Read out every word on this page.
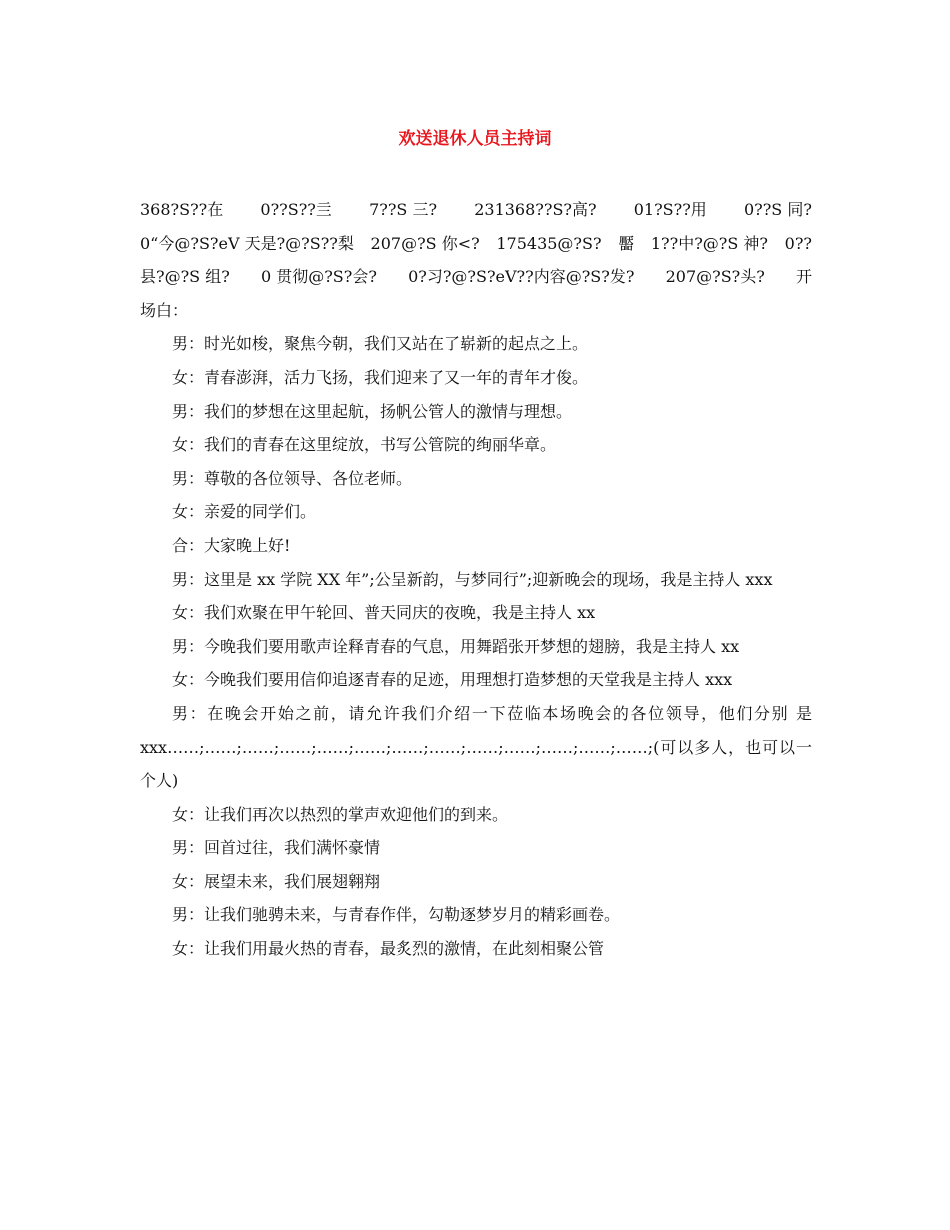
欢送退休人员主持词
368?S??在 0??S??亖 7??S 三? 231368??S?高? 01?S??用 0??S 同?
0“今@?S?eV 天是?@?S??梨 207@?S 你<? 175435@?S? 靨 1??中?@?S 神? 0??
县?@?S 组? 0 贯彻@?S?会? 0?习?@?S?eV??内容@?S?发? 207@?S?头? 开

场白：

男：时光如梭，聚焦今朝，我们又站在了崭新的起点之上。

女：青春澎湃，活力飞扬，我们迎来了又一年的青年才俊。

男：我们的梦想在这里起航，扬帆公管人的激情与理想。

女：我们的青春在这里绽放，书写公管院的绚丽华章。

男：尊敬的各位领导、各位老师。

女：亲爱的同学们。

合：大家晚上好!

男：这里是 xx 学院 XX 年”;公呈新韵，与梦同行”;迎新晚会的现场，我是主持人 xxx

女：我们欢聚在甲午轮回、普天同庆的夜晚，我是主持人 xx

男：今晚我们要用歌声诠释青春的气息，用舞蹈张开梦想的翅膀，我是主持人 xx

女：今晚我们要用信仰追逐青春的足迹，用理想打造梦想的天堂我是主持人 xxx

男：在晚会开始之前，请允许我们介绍一下莅临本场晚会的各位领导，他们分别 是 xxx……;……;……;……;……;……;……;……;……;……;……;……;……;(可以多人，也可以一个人)

女：让我们再次以热烈的掌声欢迎他们的到来。

男：回首过往，我们满怀豪情

女：展望未来，我们展翅翱翔

男：让我们驰骋未来，与青春作伴，勾勒逐梦岁月的精彩画卷。

女：让我们用最火热的青春，最炙烈的激情，在此刻相聚公管
